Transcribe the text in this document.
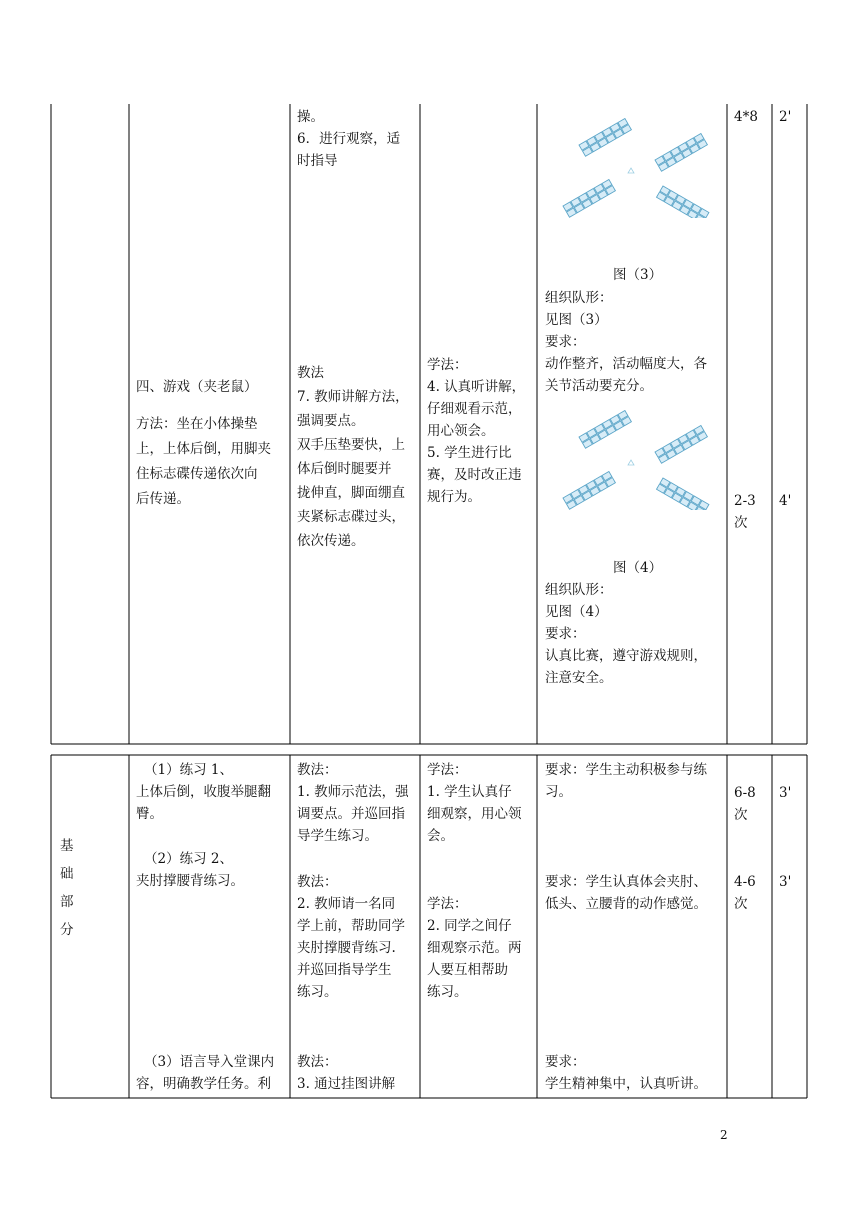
四、游戏（夹老鼠）
方法：坐在小体操垫
上，上体后倒，用脚夹
住标志碟传递依次向
后传递。
操。
6．进行观察，适
时指导
教法
7. 教师讲解方法，
强调要点。
双手压垫要快，上
体后倒时腿要并
拢伸直，脚面绷直
夹紧标志碟过头，
依次传递。
学法：
4. 认真听讲解，
仔细观看示范，
用心领会。
5. 学生进行比
赛，及时改正违
规行为。
图（3）
组织队形：
见图（3）
要求：
动作整齐，活动幅度大，各
关节活动要充分。
图（4）
组织队形：
见图（4）
要求：
认真比赛，遵守游戏规则，
注意安全。
4*8
2-3
次
2'
4'
基
础
部
分
（1）练习 1、
上体后倒，收腹举腿翻
臀。
（2）练习 2、
夹肘撑腰背练习。
（3）语言导入堂课内
容，明确教学任务。利
教法：
1. 教师示范法，强
调要点。并巡回指
导学生练习。
教法：
2. 教师请一名同
学上前，帮助同学
夹肘撑腰背练习.
并巡回指导学生
练习。
教法：
3. 通过挂图讲解
学法：
1. 学生认真仔
细观察，用心领
会。
学法：
2. 同学之间仔
细观察示范。两
人要互相帮助
练习。
要求：学生主动积极参与练
习。
要求：学生认真体会夹肘、
低头、立腰背的动作感觉。
要求：
学生精神集中，认真听讲。
6-8
次
4-6
次
3'
3'
2
